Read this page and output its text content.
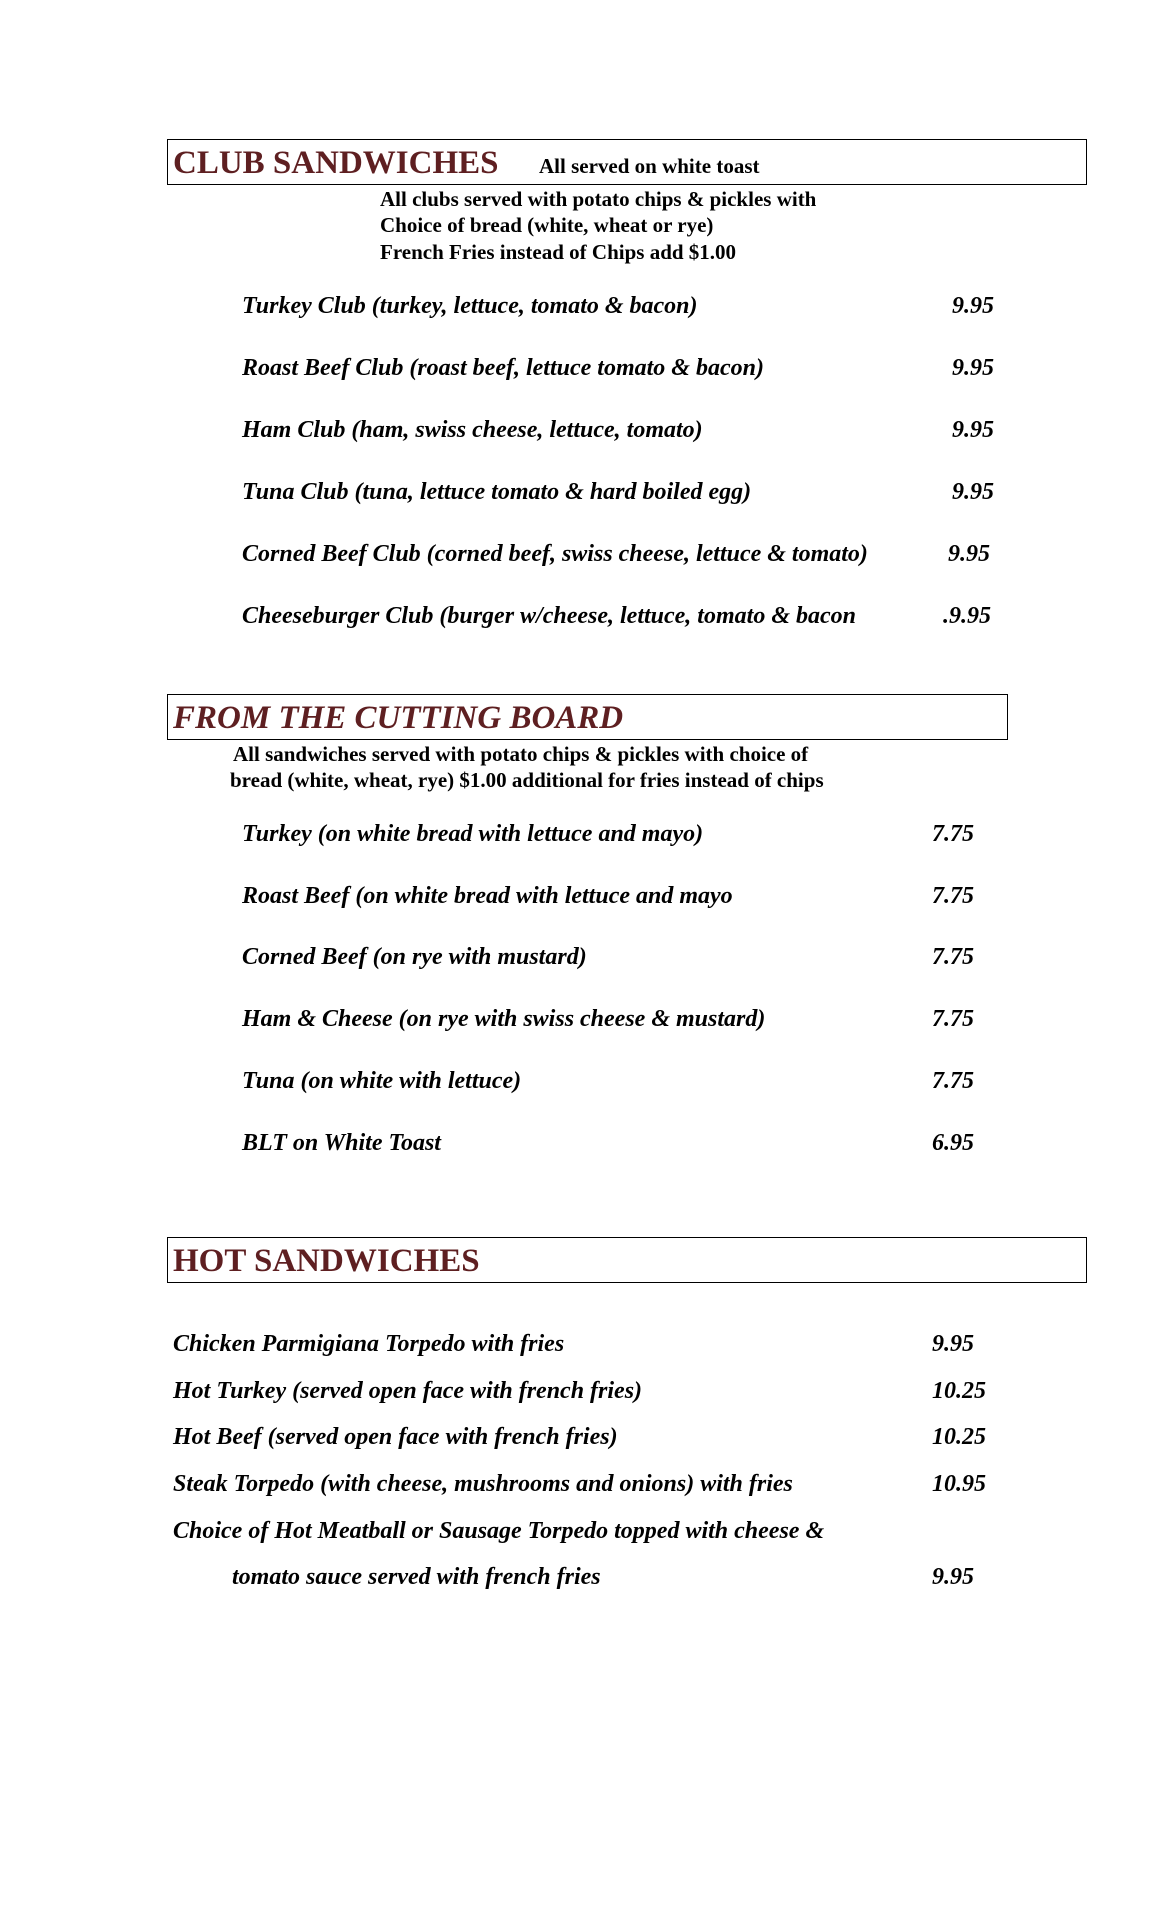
CLUB SANDWICHES All served on white toast
All clubs served with potato chips & pickles with
Choice of bread (white, wheat or rye)
French Fries instead of Chips add $1.00
Turkey Club (turkey, lettuce, tomato & bacon)	9.95
Roast Beef Club (roast beef, lettuce tomato & bacon)	9.95
Ham Club (ham, swiss cheese, lettuce, tomato)	9.95
Tuna Club (tuna, lettuce tomato & hard boiled egg)	9.95
Corned Beef Club (corned beef, swiss cheese, lettuce & tomato)	9.95
Cheeseburger Club (burger w/cheese, lettuce, tomato & bacon	.9.95
FROM THE CUTTING BOARD
All sandwiches served with potato chips & pickles with choice of
bread (white, wheat, rye) $1.00 additional for fries instead of chips
Turkey (on white bread with lettuce and mayo)	7.75
Roast Beef (on white bread with lettuce and mayo	7.75
Corned Beef (on rye with mustard)	7.75
Ham & Cheese (on rye with swiss cheese & mustard)	7.75
Tuna (on white with lettuce)	7.75
BLT on White Toast	6.95
HOT SANDWICHES
Chicken Parmigiana Torpedo with fries	9.95
Hot Turkey (served open face with french fries)	10.25
Hot Beef (served open face with french fries)	10.25
Steak Torpedo (with cheese, mushrooms and onions) with fries	10.95
Choice of Hot Meatball or Sausage Torpedo topped with cheese &
tomato sauce served with french fries	9.95
